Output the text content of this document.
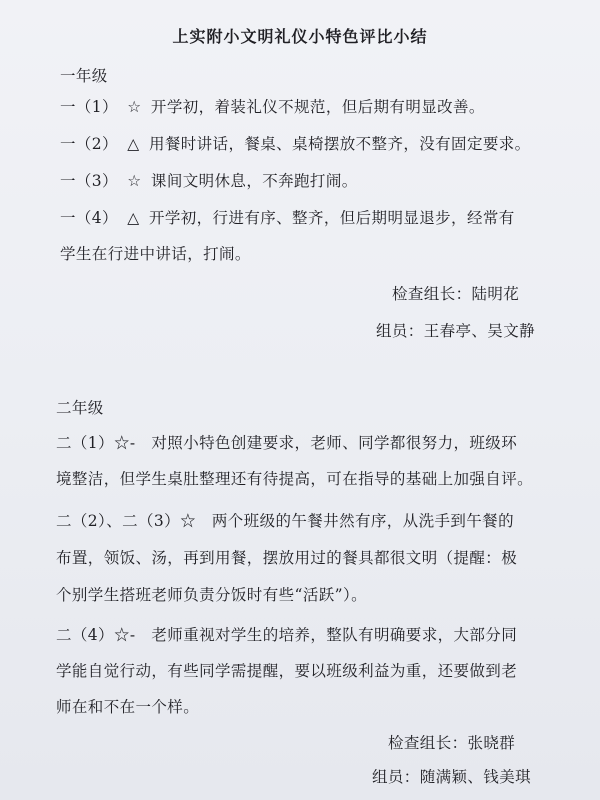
上实附小文明礼仪小特色评比小结
一年级
一（1） ☆ 开学初，着装礼仪不规范，但后期有明显改善。
一（2） △ 用餐时讲话，餐桌、桌椅摆放不整齐，没有固定要求。
一（3） ☆ 课间文明休息，不奔跑打闹。
一（4） △ 开学初，行进有序、整齐，但后期明显退步，经常有
学生在行进中讲话，打闹。
检查组长：陆明花
组员：王春亭、吴文静
二年级
二（1）☆-　对照小特色创建要求，老师、同学都很努力，班级环
境整洁，但学生桌肚整理还有待提高，可在指导的基础上加强自评。
二（2）、二（3）☆　两个班级的午餐井然有序，从洗手到午餐的
布置，领饭、汤，再到用餐，摆放用过的餐具都很文明（提醒：极
个别学生搭班老师负责分饭时有些“活跃”）。
二（4）☆-　老师重视对学生的培养，整队有明确要求，大部分同
学能自觉行动，有些同学需提醒，要以班级利益为重，还要做到老
师在和不在一个样。
检查组长：张晓群
组员：随满颖、钱美琪
